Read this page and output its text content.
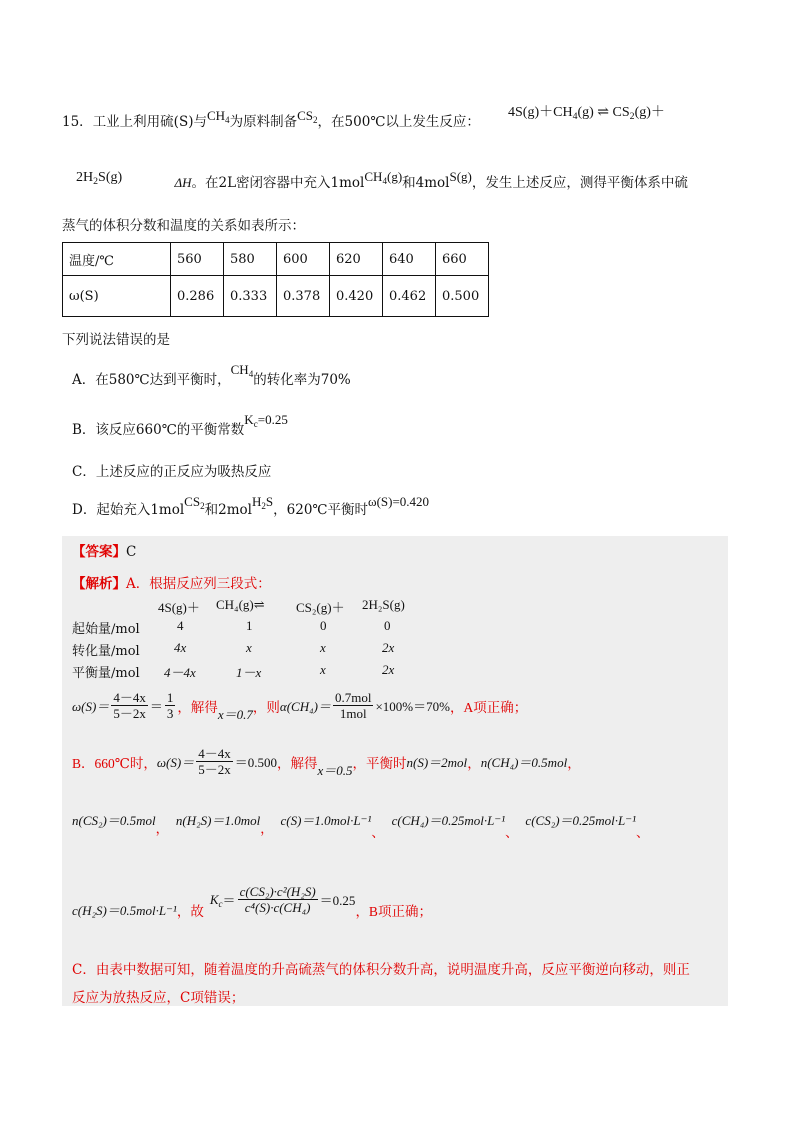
15．工业上利用硫(S)与$CH_4$为原料制备$CS_2$，在500℃以上发生反应：
$4S(g)+CH_4(g)$ ⇌ $CS_2(g)+$
$2H_2S(g)$	ΔH。在2L密闭容器中充入1molCH$_4$(g)和4molS(g)，发生上述反应，测得平衡体系中硫
蒸气的体积分数和温度的关系如表所示：
温度/℃	560	580	600	620	640	660
ω(S)	0.286	0.333	0.378	0.420	0.462	0.500
下列说法错误的是
A．在580℃达到平衡时，$CH_4$的转化率为70%
B．该反应660℃的平衡常数$K_c=0.25$
C．上述反应的正反应为吸热反应
D．起始充入1molCS$_2$和2molH$_2$S，620℃平衡时ω(S)=0.420
【答案】C
【解析】A．根据反应列三段式：
4S(g)＋ CH₄(g)⇌ CS₂(g)＋ 2H₂S(g)
起始量/mol	4	1	0	0
转化量/mol	4x	x	x	2x
平衡量/mol 4－4x	1－x	x	2x
$\omega(S)= \frac{4-4x}{5-2x} = \frac{1}{3}$ ，解得 x＝0.7 ，则 $\alpha(CH_4)= \frac{\text{0.7mol}}{\text{1mol}} \times 100\%=70\%$ ，A项正确；
B．660℃时， $\omega(S)= \frac{4-4x}{5-2x} =0.500$ ，解得 x＝0.5 ，平衡时 n(S)＝2mol ， n(CH₄)＝0.5mol ，
n(CS₂)＝0.5mol， n(H₂S)＝1.0mol， c(S)＝1.0mol·L⁻¹、 c(CH₄)＝0.25mol·L⁻¹、 c(CS₂)＝0.25mol·L⁻¹、
c(H₂S)＝0.5mol·L⁻¹ ，故
$K_c = \frac{\text{c(CS₂)·c²(H₂S)}}{\text{c⁴(S)·c(CH₄)}} =0.25$
，B项正确；
C．由表中数据可知，随着温度的升高硫蒸气的体积分数升高，说明温度升高，反应平衡逆向移动，则正
反应为放热反应，C项错误；
